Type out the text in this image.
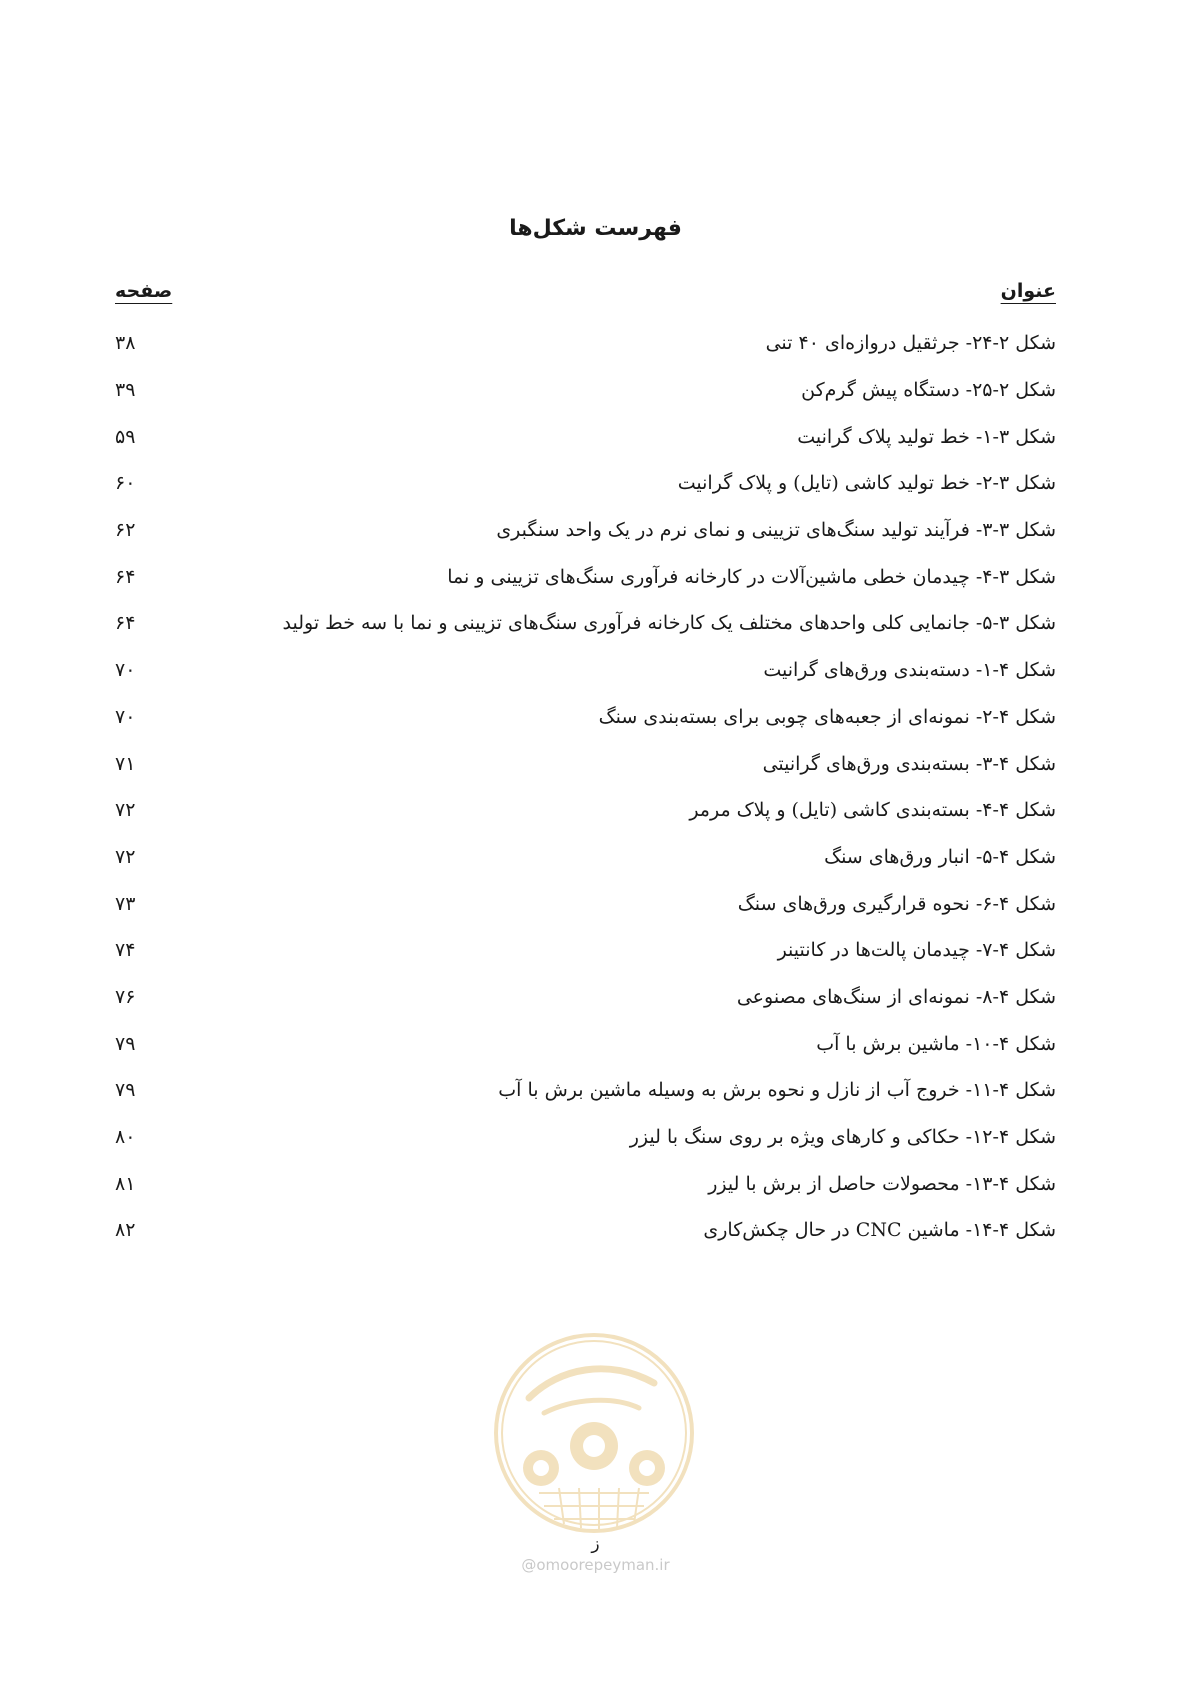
فهرست شکل‌ها
عنوان
صفحه
شکل ۲-۲۴- جرثقیل دروازه‌ای ۴۰ تنی
۳۸
شکل ۲-۲۵- دستگاه پیش گرم‌کن
۳۹
شکل ۳-۱- خط تولید پلاک گرانیت
۵۹
شکل ۳-۲- خط تولید کاشی (تایل) و پلاک گرانیت
۶۰
شکل ۳-۳- فرآیند تولید سنگ‌های تزیینی و نمای نرم در یک واحد سنگبری
۶۲
شکل ۳-۴- چیدمان خطی ماشین‌آلات در کارخانه فرآوری سنگ‌های تزیینی و نما
۶۴
شکل ۳-۵- جانمایی کلی واحدهای مختلف یک کارخانه فرآوری سنگ‌های تزیینی و نما با سه خط تولید
۶۴
شکل ۴-۱- دسته‌بندی ورق‌های گرانیت
۷۰
شکل ۴-۲- نمونه‌ای از جعبه‌های چوبی برای بسته‌بندی سنگ
۷۰
شکل ۴-۳- بسته‌بندی ورق‌های گرانیتی
۷۱
شکل ۴-۴- بسته‌بندی کاشی (تایل) و پلاک مرمر
۷۲
شکل ۴-۵- انبار ورق‌های سنگ
۷۲
شکل ۴-۶- نحوه قرارگیری ورق‌های سنگ
۷۳
شکل ۴-۷- چیدمان پالت‌ها در کانتینر
۷۴
شکل ۴-۸- نمونه‌ای از سنگ‌های مصنوعی
۷۶
شکل ۴-۱۰- ماشین برش با آب
۷۹
شکل ۴-۱۱- خروج آب از نازل و نحوه برش به وسیله ماشین برش با آب
۷۹
شکل ۴-۱۲- حکاکی و کارهای ویژه بر روی سنگ با لیزر
۸۰
شکل ۴-۱۳- محصولات حاصل از برش با لیزر
۸۱
شکل ۴-۱۴- ماشین CNC در حال چکش‌کاری
۸۲
ز
@omoorepeyman.ir
